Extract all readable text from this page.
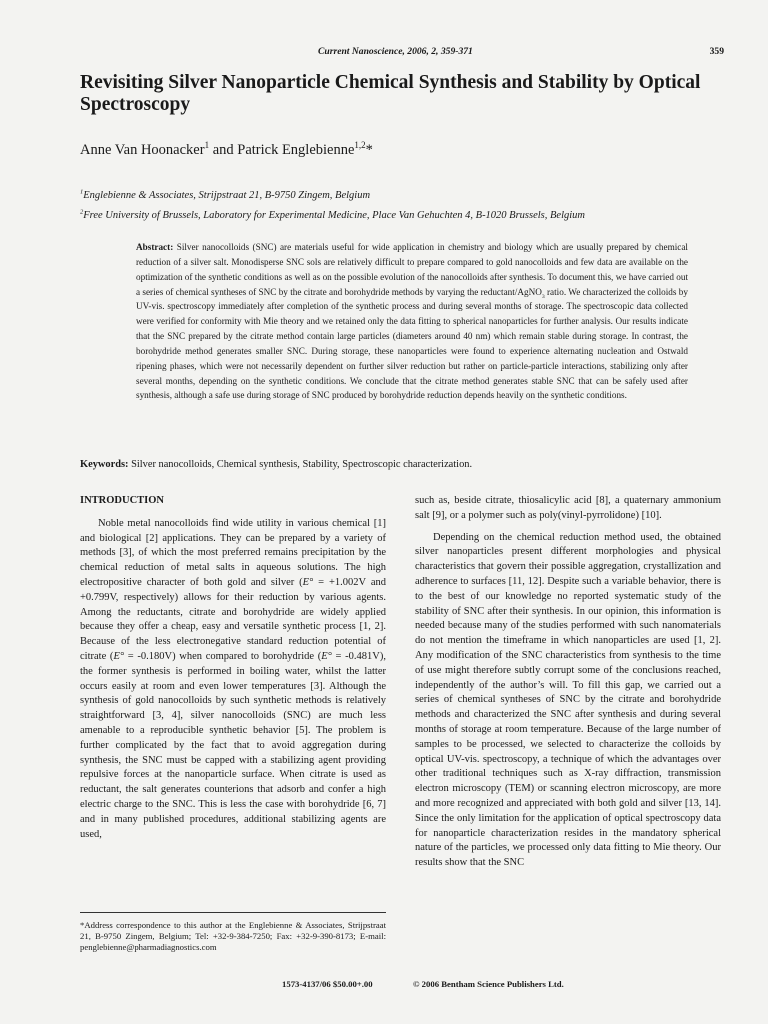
Current Nanoscience, 2006, 2, 359-371	359
Revisiting Silver Nanoparticle Chemical Synthesis and Stability by Optical Spectroscopy
Anne Van Hoonacker$^1$ and Patrick Englebienne$^{1,2}$*
$^1$Englebienne & Associates, Strijpstraat 21, B-9750 Zingem, Belgium
$^2$Free University of Brussels, Laboratory for Experimental Medicine, Place Van Gehuchten 4, B-1020 Brussels, Belgium

Abstract: Silver nanocolloids (SNC) are materials useful for wide application in chemistry and biology which are usually prepared by chemical reduction of a silver salt. Monodisperse SNC sols are relatively difficult to prepare compared to gold nanocolloids and few data are available on the optimization of the synthetic conditions as well as on the possible evolution of the nanocolloids after synthesis. To document this, we have carried out a series of chemical syntheses of SNC by the citrate and borohydride methods by varying the reductant/AgNO$_3$ ratio. We characterized the colloids by UV-vis. spectroscopy immediately after completion of the synthetic process and during several months of storage. The spectroscopic data collected were verified for conformity with Mie theory and we retained only the data fitting to spherical nanoparticles for further analysis. Our results indicate that the SNC prepared by the citrate method contain large particles (diameters around 40 nm) which remain stable during storage. In contrast, the borohydride method generates smaller SNC. During storage, these nanoparticles were found to experience alternating nucleation and Ostwald ripening phases, which were not necessarily dependent on further silver reduction but rather on particle-particle interactions, stabilizing only after several months, depending on the synthetic conditions. We conclude that the citrate method generates stable SNC that can be safely used after synthesis, although a safe use during storage of SNC produced by borohydride reduction depends heavily on the synthetic conditions.

Keywords: Silver nanocolloids, Chemical synthesis, Stability, Spectroscopic characterization.
INTRODUCTION

Noble metal nanocolloids find wide utility in various chemical [1] and biological [2] applications. They can be prepared by a variety of methods [3], of which the most preferred remains precipitation by the chemical reduction of metal salts in aqueous solutions. The high electropositive character of both gold and silver (E° = +1.002V and +0.799V, respectively) allows for their reduction by various agents. Among the reductants, citrate and borohydride are widely applied because they offer a cheap, easy and versatile synthetic process [1, 2]. Because of the less electronegative standard reduction potential of citrate (E° = -0.180V) when compared to borohydride (E° = -0.481V), the former synthesis is performed in boiling water, whilst the latter occurs easily at room and even lower temperatures [3]. Although the synthesis of gold nanocolloids by such synthetic methods is relatively straightforward [3, 4], silver nanocolloids (SNC) are much less amenable to a reproducible synthetic behavior [5]. The problem is further complicated by the fact that to avoid aggregation during synthesis, the SNC must be capped with a stabilizing agent providing repulsive forces at the nanoparticle surface. When citrate is used as reductant, the salt generates counterions that adsorb and confer a high electric charge to the SNC. This is less the case with borohydride [6, 7] and in many published procedures, additional stabilizing agents are used,

such as, beside citrate, thiosalicylic acid [8], a quaternary ammonium salt [9], or a polymer such as poly(vinyl-pyrrolidone) [10].

Depending on the chemical reduction method used, the obtained silver nanoparticles present different morphologies and physical characteristics that govern their possible aggregation, crystallization and adherence to surfaces [11, 12]. Despite such a variable behavior, there is to the best of our knowledge no reported systematic study of the stability of SNC after their synthesis. In our opinion, this information is needed because many of the studies performed with such nanomaterials do not mention the timeframe in which nanoparticles are used [1, 2]. Any modification of the SNC characteristics from synthesis to the time of use might therefore subtly corrupt some of the conclusions reached, independently of the author’s will. To fill this gap, we carried out a series of chemical syntheses of SNC by the citrate and borohydride methods and characterized the SNC after synthesis and during several months of storage at room temperature. Because of the large number of samples to be processed, we selected to characterize the colloids by optical UV-vis. spectroscopy, a technique of which the advantages over other traditional techniques such as X-ray diffraction, transmission electron microscopy (TEM) or scanning electron microscopy, are more and more recognized and appreciated with both gold and silver [13, 14]. Since the only limitation for the application of optical spectroscopy data for nanoparticle characterization resides in the mandatory spherical nature of the particles, we processed only data fitting to Mie theory. Our results show that the SNC

*Address correspondence to this author at the Englebienne & Associates, Strijpstraat 21, B-9750 Zingem, Belgium; Tel: +32-9-384-7250; Fax: +32-9-390-8173; E-mail: penglebienne@pharmadiagnostics.com

1573-4137/06 $50.00+.00	© 2006 Bentham Science Publishers Ltd.
